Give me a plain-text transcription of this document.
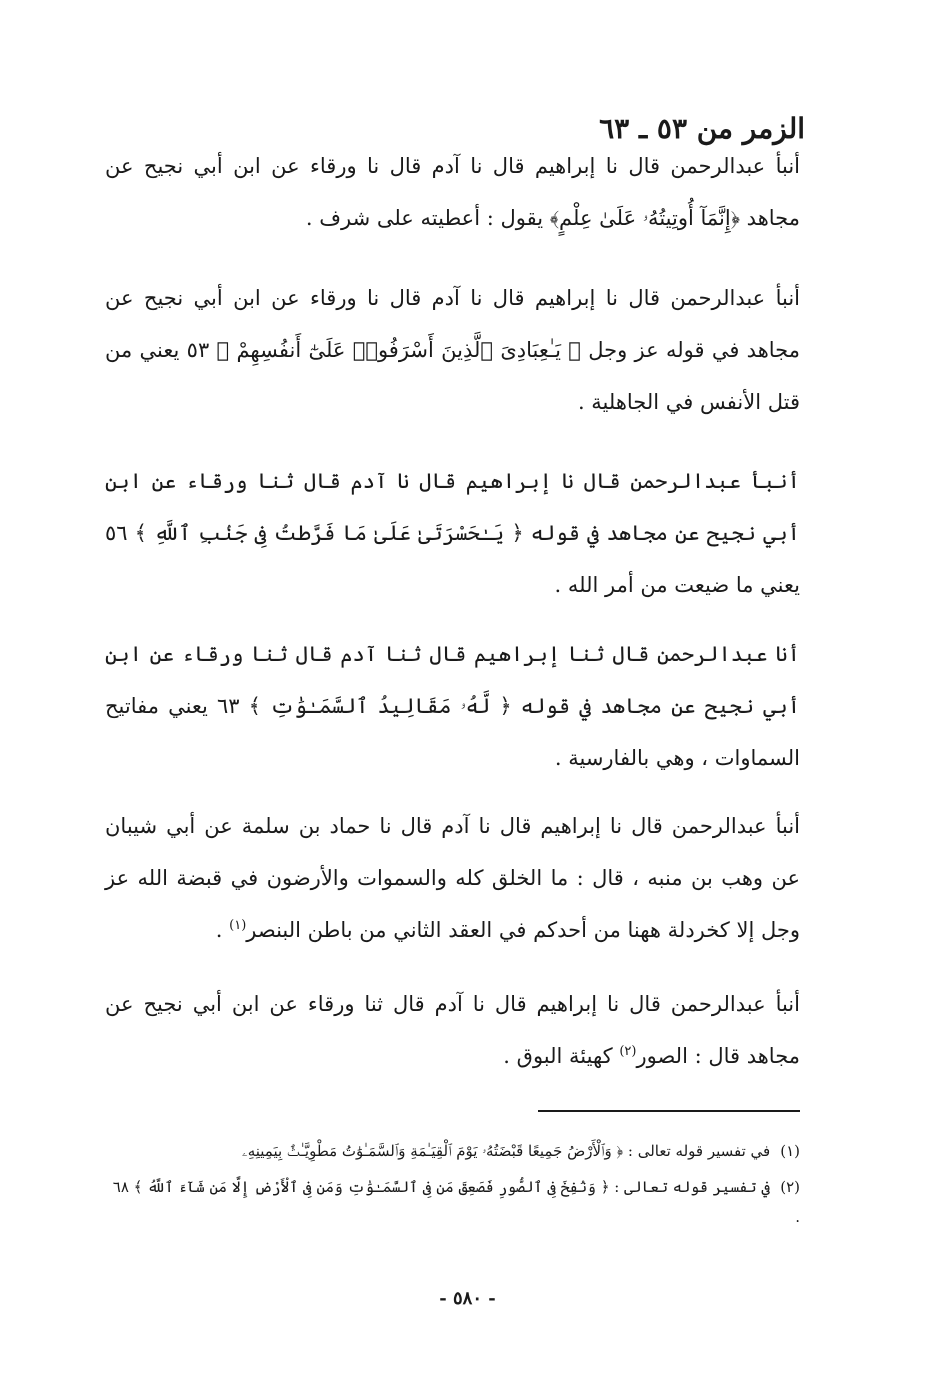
الزمر من ٥٣ ـ ٦٣

أنبأ عبدالرحمن قال نا إبراهيم قال نا آدم قال نا ورقاء عن ابن أبي نجيح عن مجاهد ﴿إِنَّمَآ أُوتِيتُهُۥ عَلَىٰ عِلْمٍ﴾ يقول : أعطيته على شرف .

أنبأ عبدالرحمن قال نا إبراهيم قال نا آدم قال نا ورقاء عن ابن أبي نجيح عن مجاهد في قوله عز وجل ﴿ يَـٰعِبَادِىَ ٱلَّذِينَ أَسْرَفُوا۟ عَلَىٰٓ أَنفُسِهِمْ ﴾ ٥٣ يعني من قتل الأنفس في الجاهلية .

أنبأ عبدالرحمن قال نا إبراهيم قال نا آدم قال ثنا ورقاء عن ابن أبي نجيح عن مجاهد في قوله ﴿ يَـٰحَسْرَتَىٰ عَلَىٰ مَا فَرَّطتُ فِى جَنۢبِ ٱللَّهِ ﴾ ٥٦ يعني ما ضيعت من أمر الله .

أنا عبدالرحمن قال ثنا إبراهيم قال ثنا آدم قال ثنا ورقاء عن ابن أبي نجيح عن مجاهد في قوله ﴿ لَّهُۥ مَقَالِيدُ ٱلسَّمَـٰوَٰتِ ﴾ ٦٣ يعني مفاتيح السماوات ، وهي بالفارسية .

أنبأ عبدالرحمن قال نا إبراهيم قال نا آدم قال نا حماد بن سلمة عن أبي شيبان عن وهب بن منبه ، قال : ما الخلق كله والسموات والأرضون في قبضة الله عز وجل إلا كخردلة ههنا من أحدكم في العقد الثاني من باطن البنصر$^{(١)}$ .

أنبأ عبدالرحمن قال نا إبراهيم قال نا آدم قال ثنا ورقاء عن ابن أبي نجيح عن مجاهد قال : الصور$^{(٢)}$ كهيئة البوق .

(١)في تفسير قوله تعالى : ﴿ وَٱلْأَرْضُ جَمِيعًا قَبْضَتُهُۥ يَوْمَ ٱلْقِيَـٰمَةِ وَٱلسَّمَـٰوَٰتُ مَطْوِيَّـٰتٌۢ بِيَمِينِهِۦ
(٢)في تفسير قوله تعالى : ﴿ وَنُفِخَ فِى ٱلصُّورِ فَصَعِقَ مَن فِى ٱلسَّمَـٰوَٰتِ وَمَن فِى ٱلْأَرْضِ إِلَّا مَن شَآءَ ٱللَّهُ ﴾ ٦٨ .
- ٥٨٠ -
